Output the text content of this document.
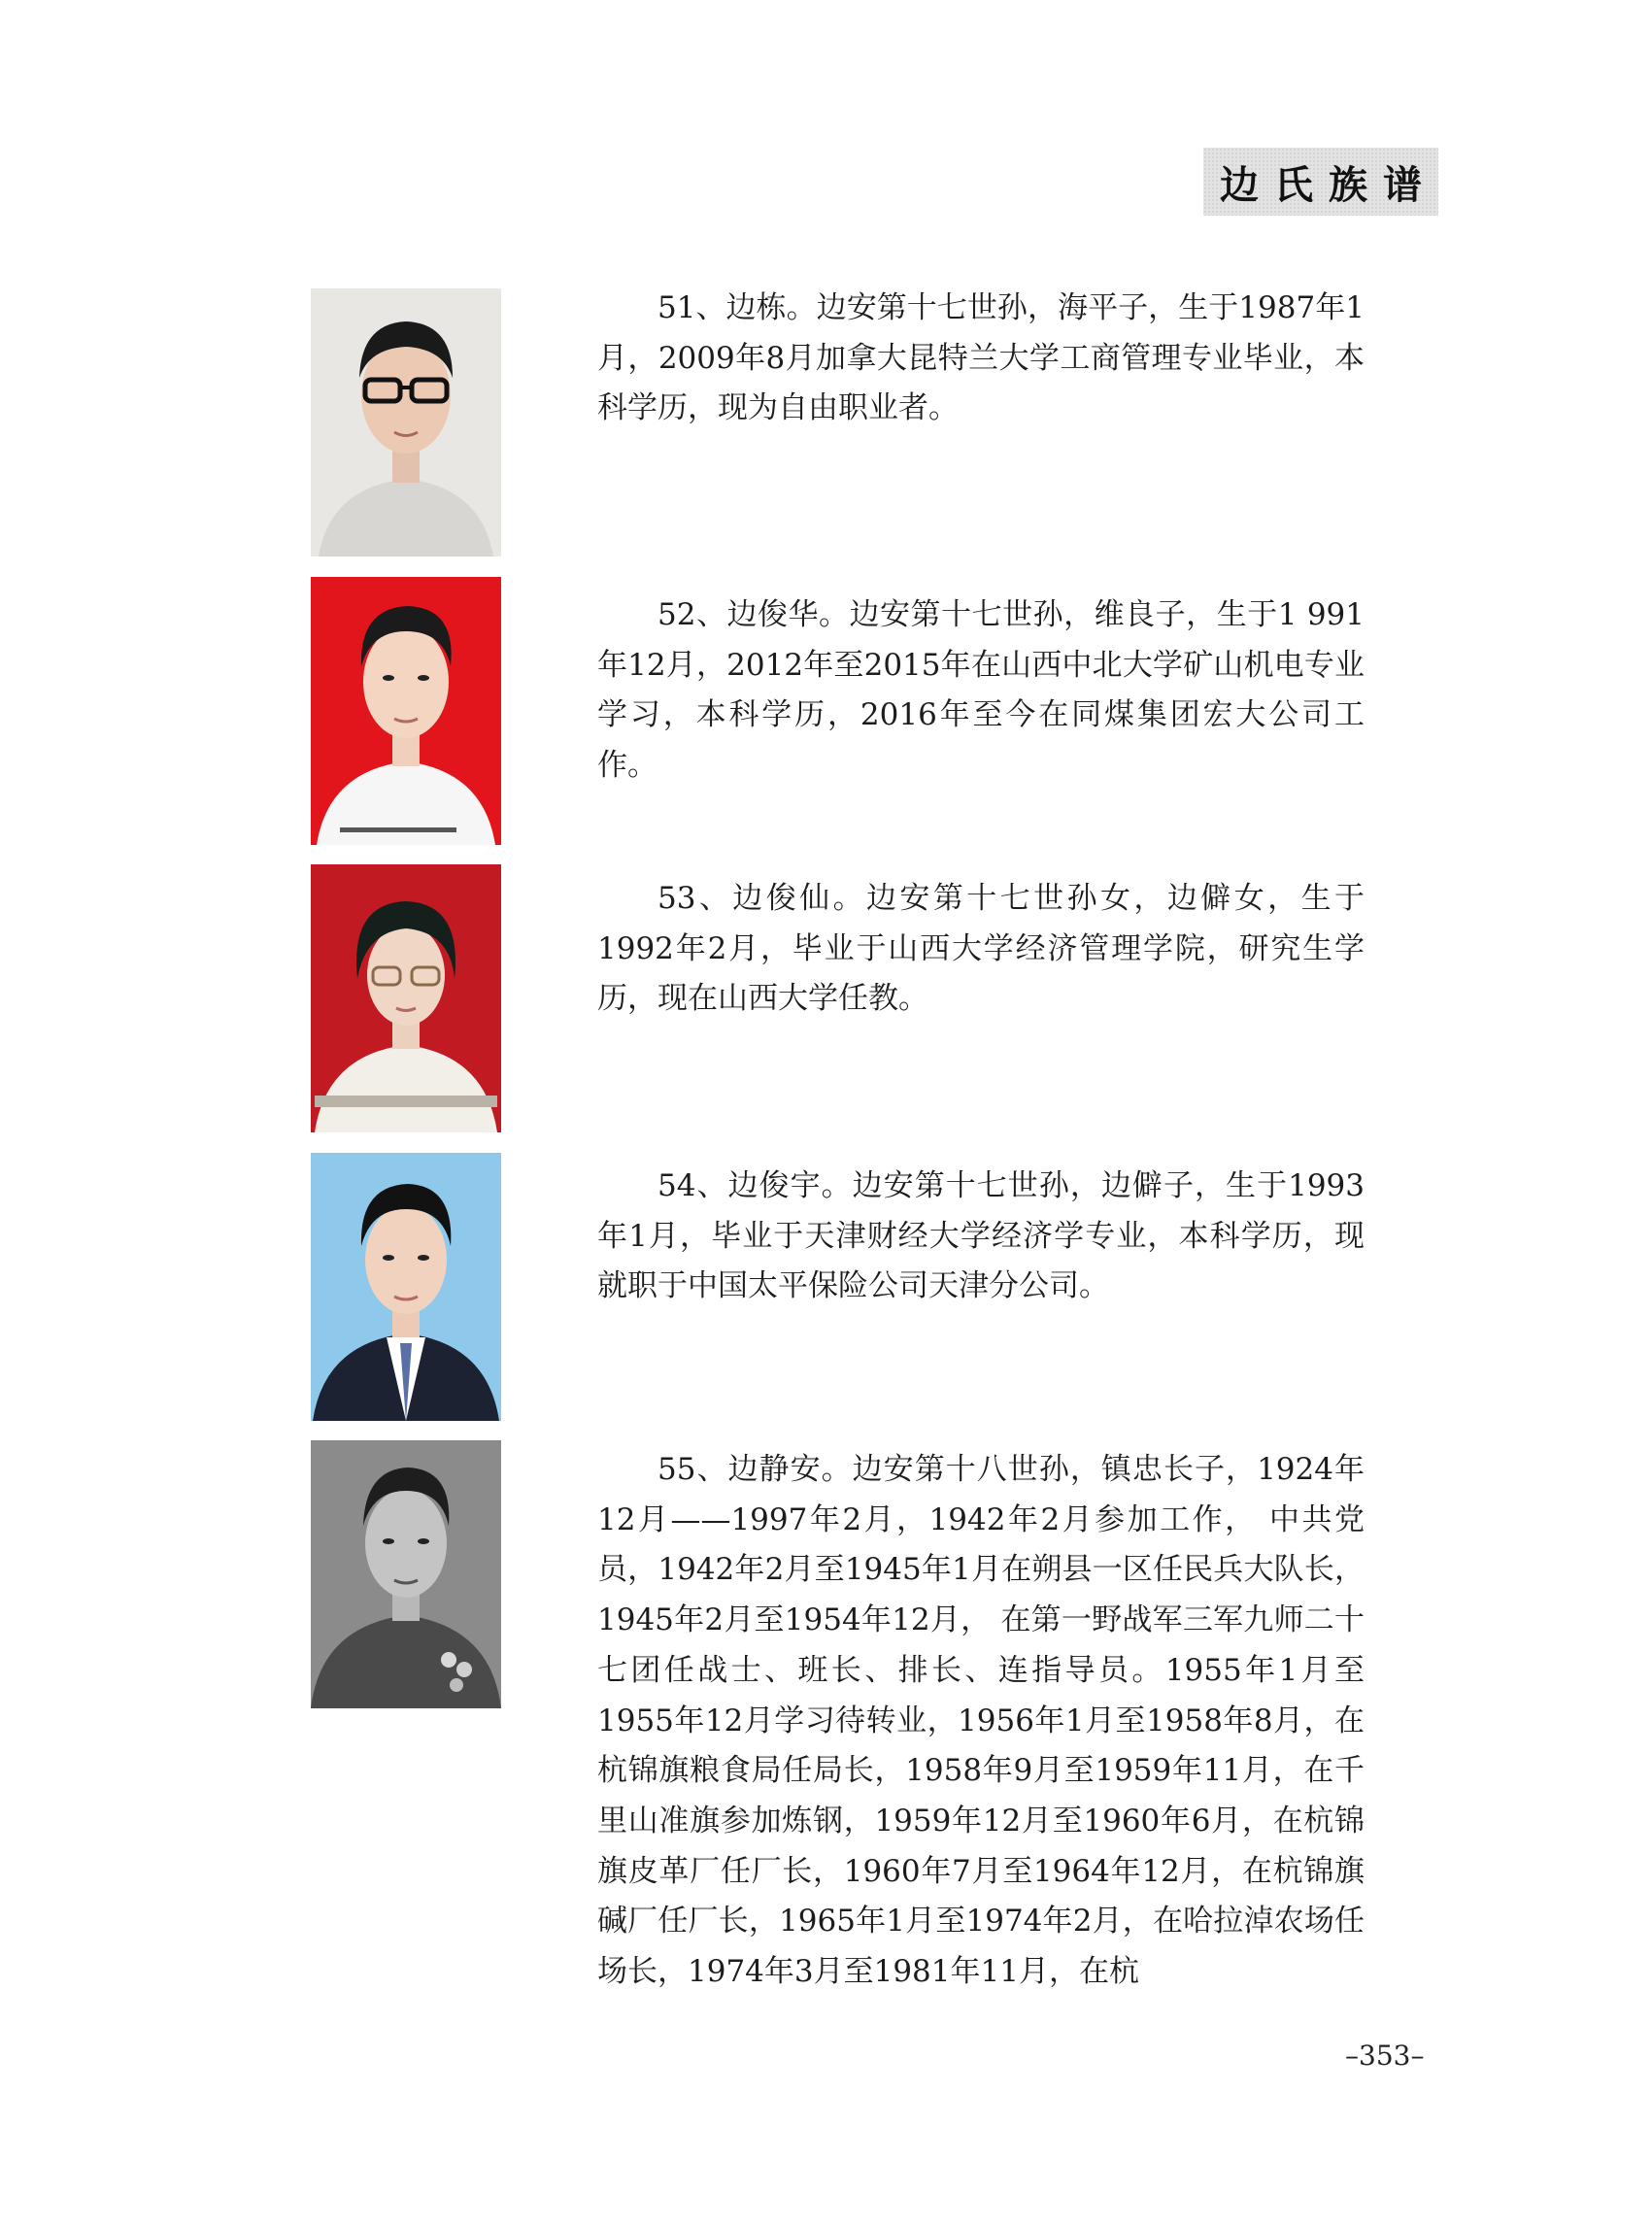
边氏族谱

51、边栋。边安第十七世孙，海平子，生于1987年1月，2009年8月加拿大昆特兰大学工商管理专业毕业，本科学历，现为自由职业者。

52、边俊华。边安第十七世孙，维良子，生于1 991年12月，2012年至2015年在山西中北大学矿山机电专业学习，本科学历，2016年至今在同煤集团宏大公司工作。

53、边俊仙。边安第十七世孙女，边僻女，生于1992年2月，毕业于山西大学经济管理学院，研究生学历，现在山西大学任教。

54、边俊宇。边安第十七世孙，边僻子，生于1993年1月，毕业于天津财经大学经济学专业，本科学历，现就职于中国太平保险公司天津分公司。

55、边静安。边安第十八世孙，镇忠长子，1924年12月——1997年2月，1942年2月参加工作， 中共党员，1942年2月至1945年1月在朔县一区任民兵大队长，1945年2月至1954年12月， 在第一野战军三军九师二十七团任战士、班长、排长、连指导员。1955年1月至1955年12月学习待转业，1956年1月至1958年8月，在杭锦旗粮食局任局长，1958年9月至1959年11月，在千里山准旗参加炼钢，1959年12月至1960年6月，在杭锦旗皮革厂任厂长，1960年7月至1964年12月，在杭锦旗碱厂任厂长，1965年1月至1974年2月，在哈拉淖农场任场长，1974年3月至1981年11月，在杭

–353–
